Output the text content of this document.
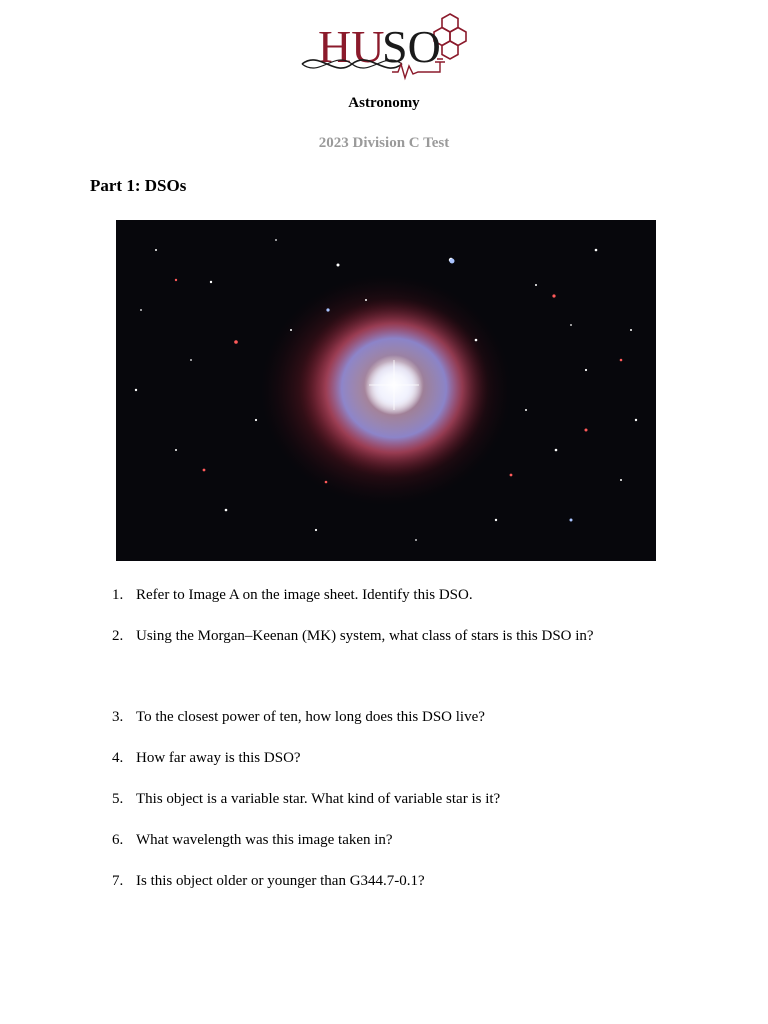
HU
SO
Astronomy
2023 Division C Test
Part 1: DSOs
1. Refer to Image A on the image sheet. Identify this DSO.
2. Using the Morgan–Keenan (MK) system, what class of stars is this DSO in?
3. To the closest power of ten, how long does this DSO live?
4. How far away is this DSO?
5. This object is a variable star. What kind of variable star is it?
6. What wavelength was this image taken in?
7. Is this object older or younger than G344.7-0.1?
